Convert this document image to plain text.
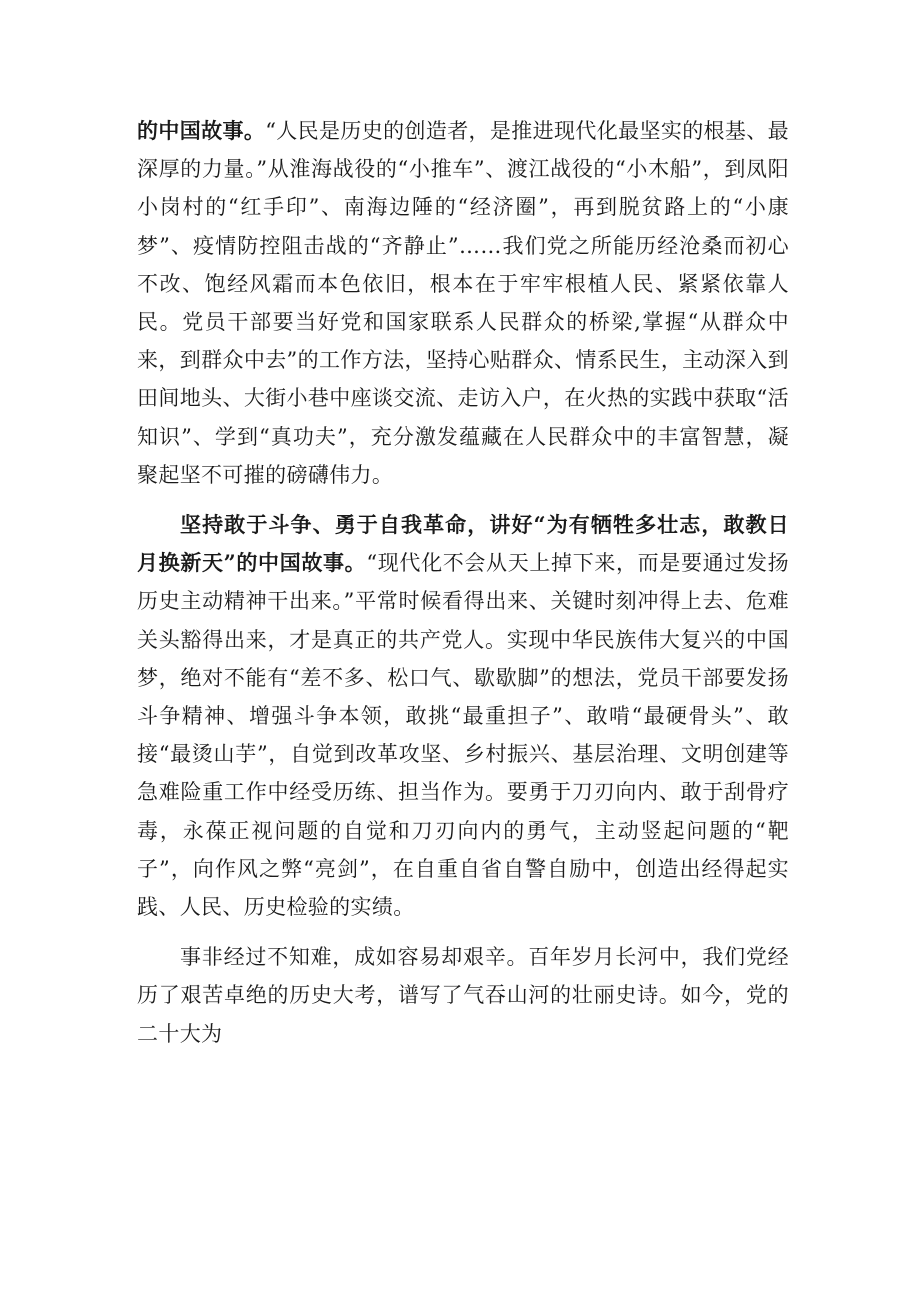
的中国故事。“人民是历史的创造者，是推进现代化最坚实的根基、最深厚的力量。”从淮海战役的“小推车”、渡江战役的“小木船”，到凤阳小岗村的“红手印”、南海边陲的“经济圈”，再到脱贫路上的“小康梦”、疫情防控阻击战的“齐静止”……我们党之所能历经沧桑而初心不改、饱经风霜而本色依旧，根本在于牢牢根植人民、紧紧依靠人民。党员干部要当好党和国家联系人民群众的桥梁,掌握“从群众中来，到群众中去”的工作方法，坚持心贴群众、情系民生，主动深入到田间地头、大街小巷中座谈交流、走访入户，在火热的实践中获取“活知识”、学到“真功夫”，充分激发蕴藏在人民群众中的丰富智慧，凝聚起坚不可摧的磅礴伟力。

坚持敢于斗争、勇于自我革命，讲好“为有牺牲多壮志，敢教日月换新天”的中国故事。“现代化不会从天上掉下来，而是要通过发扬历史主动精神干出来。”平常时候看得出来、关键时刻冲得上去、危难关头豁得出来，才是真正的共产党人。实现中华民族伟大复兴的中国梦，绝对不能有“差不多、松口气、歇歇脚”的想法，党员干部要发扬斗争精神、增强斗争本领，敢挑“最重担子”、敢啃“最硬骨头”、敢接“最烫山芋”，自觉到改革攻坚、乡村振兴、基层治理、文明创建等急难险重工作中经受历练、担当作为。要勇于刀刃向内、敢于刮骨疗毒，永葆正视问题的自觉和刀刃向内的勇气，主动竖起问题的“靶子”，向作风之弊“亮剑”，在自重自省自警自励中，创造出经得起实践、人民、历史检验的实绩。

事非经过不知难，成如容易却艰辛。百年岁月长河中，我们党经历了艰苦卓绝的历史大考，谱写了气吞山河的壮丽史诗。如今，党的二十大为
